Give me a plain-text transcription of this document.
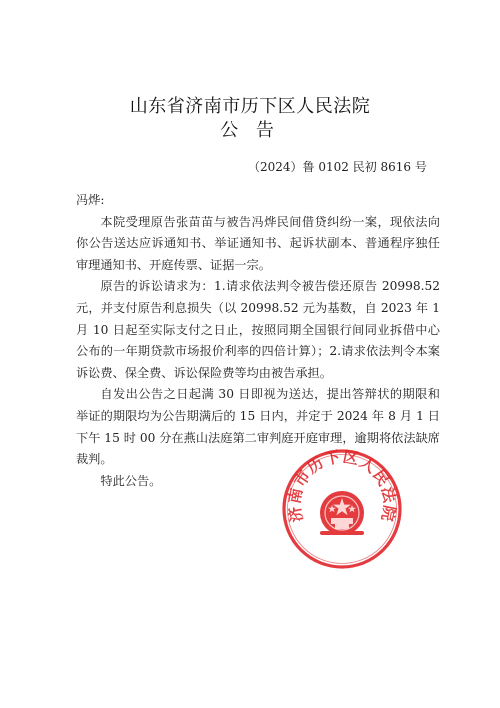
山东省济南市历下区人民法院
公 告
（2024）鲁 0102 民初 8616 号

冯烨:

本院受理原告张苗苗与被告冯烨民间借贷纠纷一案，现依法向你公告送达应诉通知书、举证通知书、起诉状副本、普通程序独任审理通知书、开庭传票、证据一宗。

原告的诉讼请求为：1.请求依法判令被告偿还原告 20998.52 元，并支付原告利息损失（以 20998.52 元为基数，自 2023 年 1 月 10 日起至实际支付之日止，按照同期全国银行间同业拆借中心公布的一年期贷款市场报价利率的四倍计算）；2.请求依法判令本案诉讼费、保全费、诉讼保险费等均由被告承担。

自发出公告之日起满 30 日即视为送达，提出答辩状的期限和举证的期限均为公告期满后的 15 日内，并定于 2024 年 8 月 1 日下午 15 时 00 分在燕山法庭第二审判庭开庭审理，逾期将依法缺席裁判。

特此公告。

济南市历下区人民法院
